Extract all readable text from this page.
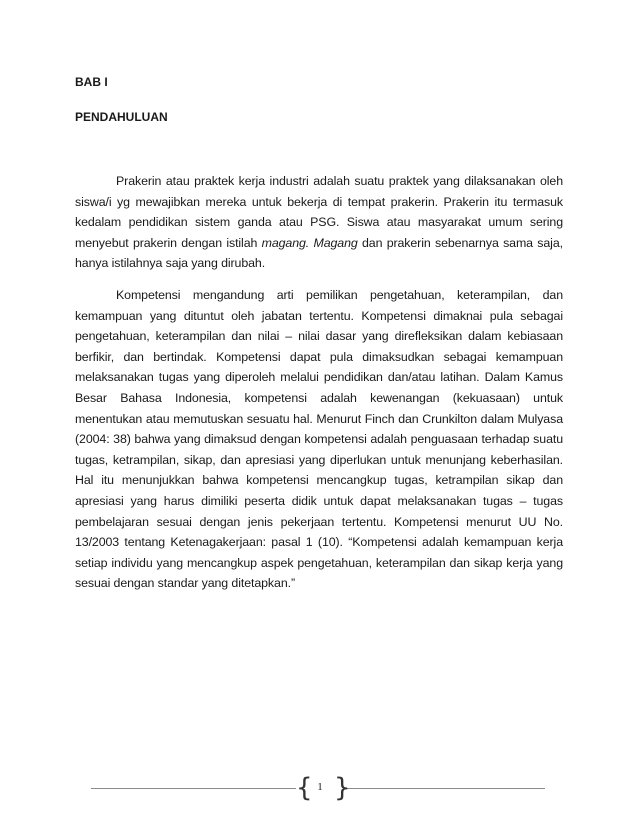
BAB I
PENDAHULUAN

Prakerin atau praktek kerja industri adalah suatu praktek yang dilaksanakan oleh siswa/i yg mewajibkan mereka untuk bekerja di tempat prakerin. Prakerin itu termasuk kedalam pendidikan sistem ganda atau PSG. Siswa atau masyarakat umum sering menyebut prakerin dengan istilah magang. Magang dan prakerin sebenarnya sama saja, hanya istilahnya saja yang dirubah.

Kompetensi mengandung arti pemilikan pengetahuan, keterampilan, dan kemampuan yang dituntut oleh jabatan tertentu. Kompetensi dimaknai pula sebagai pengetahuan, keterampilan dan nilai – nilai dasar yang direfleksikan dalam kebiasaan berfikir, dan bertindak. Kompetensi dapat pula dimaksudkan sebagai kemampuan melaksanakan tugas yang diperoleh melalui pendidikan dan/atau latihan. Dalam Kamus Besar Bahasa Indonesia, kompetensi adalah kewenangan (kekuasaan) untuk menentukan atau memutuskan sesuatu hal. Menurut Finch dan Crunkilton dalam Mulyasa (2004: 38) bahwa yang dimaksud dengan kompetensi adalah penguasaan terhadap suatu tugas, ketrampilan, sikap, dan apresiasi yang diperlukan untuk menunjang keberhasilan. Hal itu menunjukkan bahwa kompetensi mencangkup tugas, ketrampilan sikap dan apresiasi yang harus dimiliki peserta didik untuk dapat melaksanakan tugas – tugas pembelajaran sesuai dengan jenis pekerjaan tertentu. Kompetensi menurut UU No. 13/2003 tentang Ketenagakerjaan: pasal 1 (10). “Kompetensi adalah kemampuan kerja setiap individu yang mencangkup aspek pengetahuan, keterampilan dan sikap kerja yang sesuai dengan standar yang ditetapkan.”

{ 1 }
